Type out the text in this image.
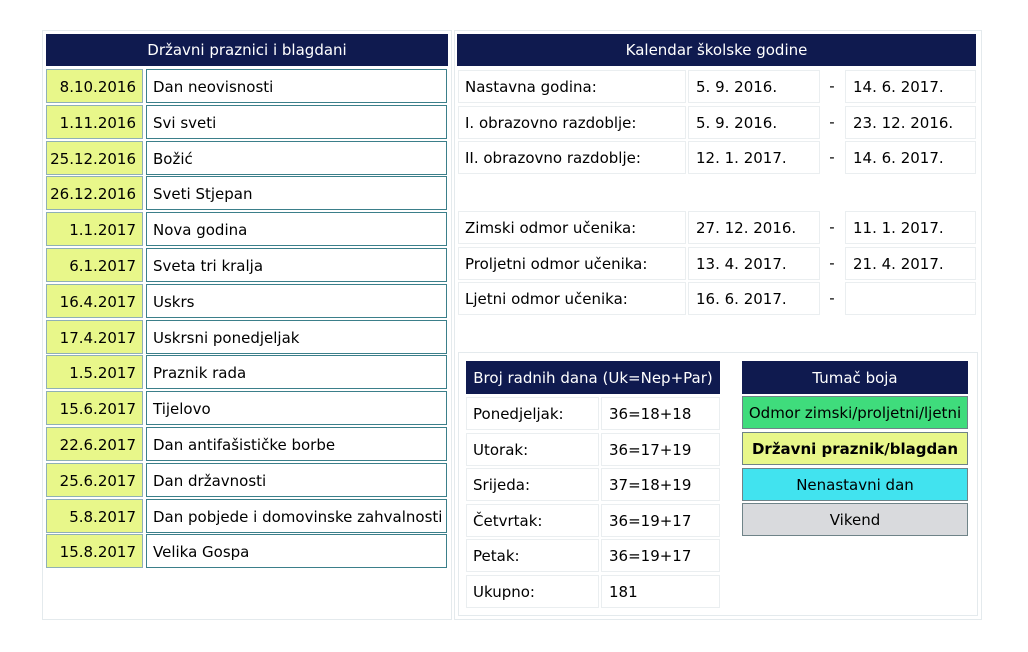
Državni praznici i blagdani
8.10.2016	Dan neovisnosti
1.11.2016	Svi sveti
25.12.2016	Božić
26.12.2016	Sveti Stjepan
1.1.2017	Nova godina
6.1.2017	Sveta tri kralja
16.4.2017	Uskrs
17.4.2017	Uskrsni ponedjeljak
1.5.2017	Praznik rada
15.6.2017	Tijelovo
22.6.2017	Dan antifašističke borbe
25.6.2017	Dan državnosti
5.8.2017	Dan pobjede i domovinske zahvalnosti
15.8.2017	Velika Gospa
Kalendar školske godine
Nastavna godina:	5. 9. 2016.	-	14. 6. 2017.
I. obrazovno razdoblje:	5. 9. 2016.	-	23. 12. 2016.
II. obrazovno razdoblje:	12. 1. 2017.	-	14. 6. 2017.
Zimski odmor učenika:	27. 12. 2016.	-	11. 1. 2017.
Proljetni odmor učenika:	13. 4. 2017.	-	21. 4. 2017.
Ljetni odmor učenika:	16. 6. 2017.	-
Broj radnih dana (Uk=Nep+Par)
Ponedjeljak:	36=18+18
Utorak:	36=17+19
Srijeda:	37=18+19
Četvrtak:	36=19+17
Petak:	36=19+17
Ukupno:	181
Tumač boja
Odmor zimski/proljetni/ljetni
Državni praznik/blagdan
Nenastavni dan
Vikend
